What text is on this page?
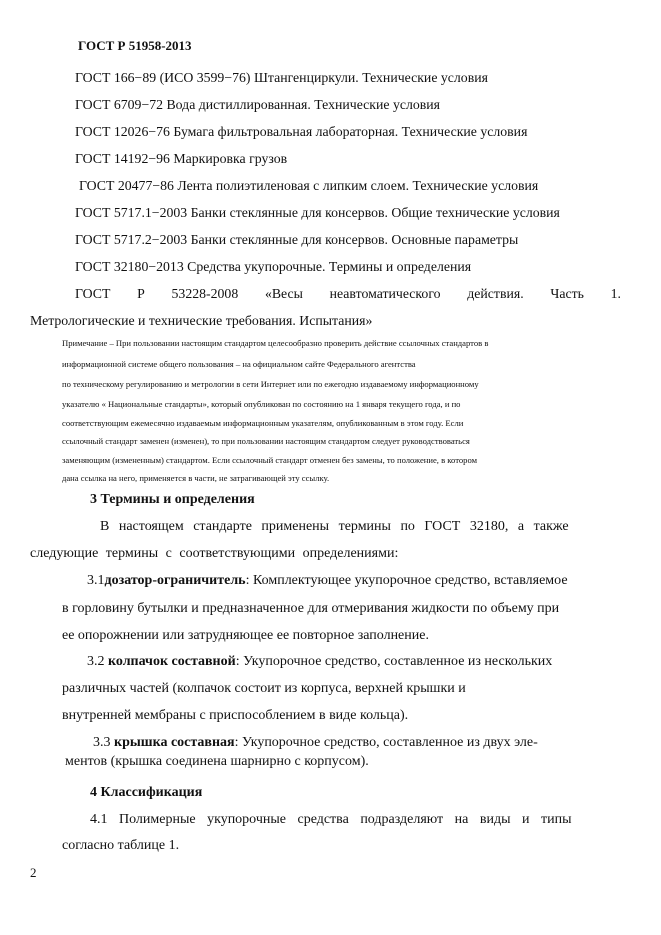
ГОСТ Р 51958-2013
ГОСТ 166−89 (ИСО 3599−76) Штангенциркули. Технические условия
ГОСТ 6709−72 Вода дистиллированная. Технические условия
ГОСТ 12026−76 Бумага фильтровальная лабораторная. Технические условия
ГОСТ 14192−96 Маркировка грузов
ГОСТ 20477−86 Лента полиэтиленовая с липким слоем. Технические условия
ГОСТ 5717.1−2003 Банки стеклянные для консервов. Общие технические условия
ГОСТ 5717.2−2003 Банки стеклянные для консервов. Основные параметры
ГОСТ 32180−2013 Средства укупорочные. Термины и определения
ГОСТ Р 53228-2008 «Весы неавтоматического действия. Часть 1.
Метрологические и технические требования. Испытания»
Примечание – При пользовании настоящим стандартом целесообразно проверить действие ссылочных стандартов в
информационной системе общего пользования – на официальном сайте Федерального агентства
по техническому регулированию и метрологии в сети Интернет или по ежегодно издаваемому информационному
указателю « Национальные стандарты», который опубликован по состоянию на 1 января текущего года, и по
соответствующим ежемесячно издаваемым информационным указателям, опубликованным в этом году. Если
ссылочный стандарт заменен (изменен), то при пользовании настоящим стандартом следует руководствоваться
заменяющим (измененным) стандартом. Если ссылочный стандарт отменен без замены, то положение, в котором
дана ссылка на него, применяется в части, не затрагивающей эту ссылку.
3 Термины и определения
В настоящем стандарте применены термины по ГОСТ 32180, а также
следующие термины с соответствующими определениями:
3.1дозатор-ограничитель: Комплектующее укупорочное средство, вставляемое
в горловину бутылки и предназначенное для отмеривания жидкости по объему при
ее опорожнении или затрудняющее ее повторное заполнение.
3.2 колпачок составной: Укупорочное средство, составленное из нескольких
различных частей (колпачок состоит из корпуса, верхней крышки и
внутренней мембраны с приспособлением в виде кольца).
3.3 крышка составная: Укупорочное средство, составленное из двух эле-
ментов (крышка соединена шарнирно с корпусом).
4 Классификация
4.1 Полимерные укупорочные средства подразделяют на виды и типы
согласно таблице 1.
2
